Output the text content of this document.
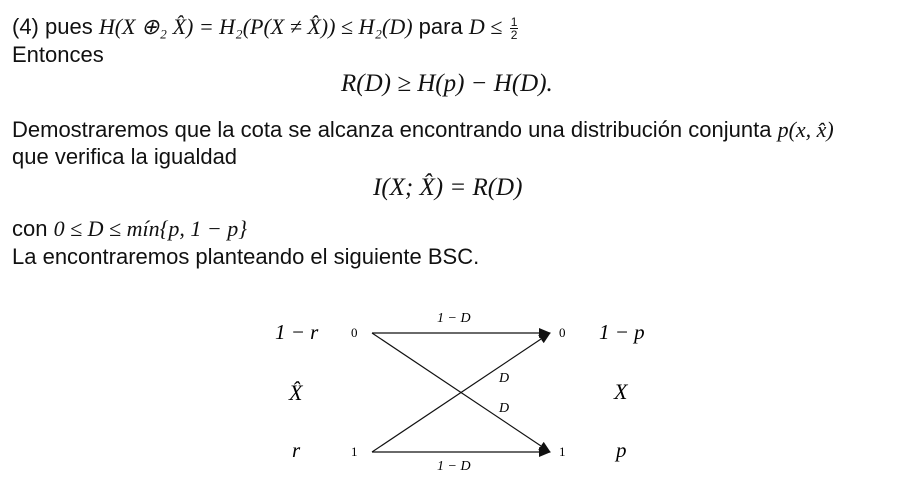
(4) pues H(X ⊕₂ X̂) = H₂(P(X ≠ X̂)) ≤ H₂(D) para $D \le \frac{1}{2}$
Entonces
R(D) ≥ H(p) − H(D).
Demostraremos que la cota se alcanza encontrando una distribución conjunta p(x, x̂)
que verifica la igualdad
I(X; X̂) = R(D)
con 0 ≤ D ≤ mín{p, 1 − p}
La encontraremos planteando el siguiente BSC.
1 − r
X̂
r
0
1
0
1
1 − p
X
p
1 − D
1 − D
D
D
